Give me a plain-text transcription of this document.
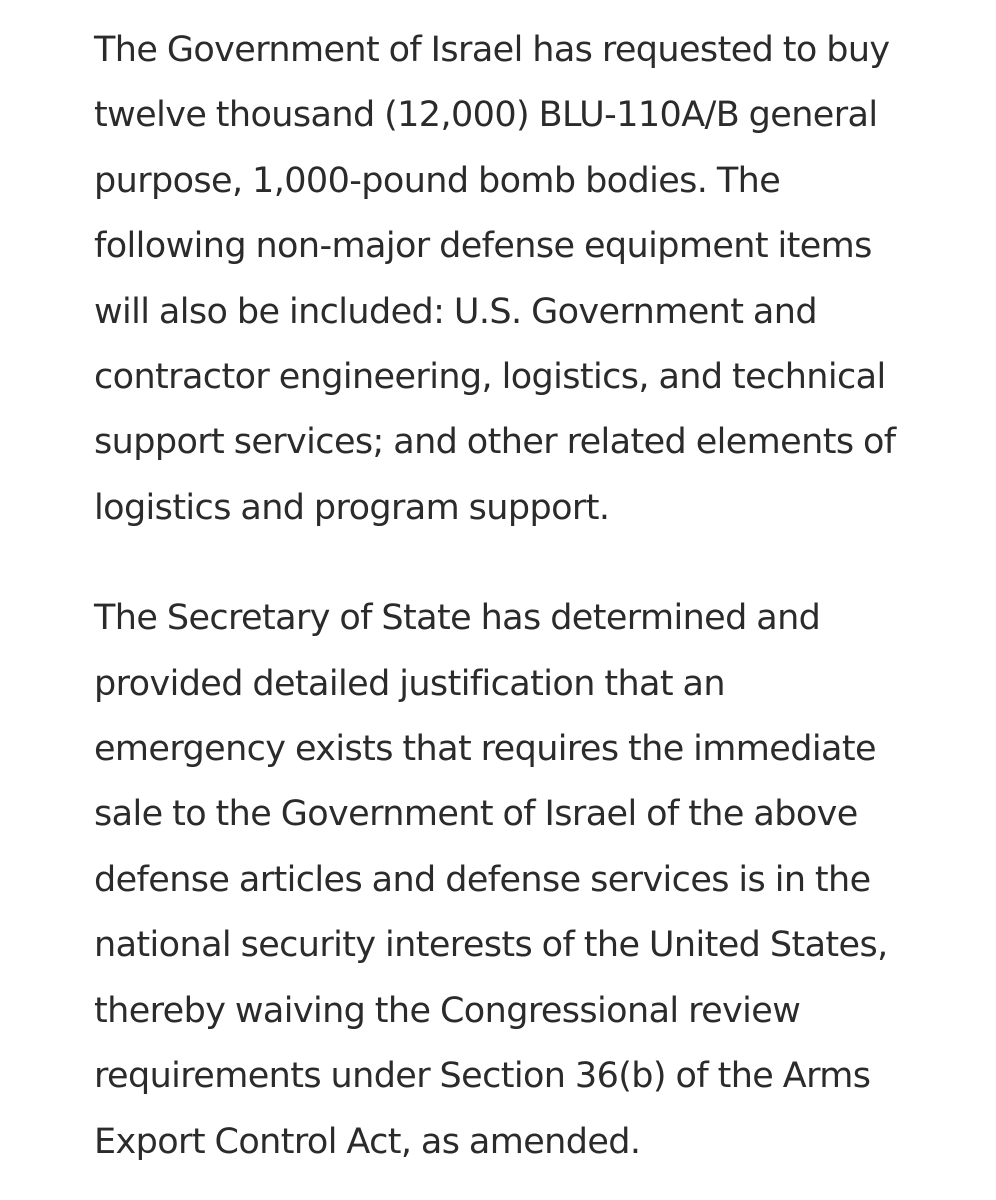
The Government of Israel has requested to buy
twelve thousand (12,000) BLU-110A/B general
purpose, 1,000-pound bomb bodies. The
following non-major defense equipment items
will also be included: U.S. Government and
contractor engineering, logistics, and technical
support services; and other related elements of
logistics and program support.

The Secretary of State has determined and
provided detailed justification that an
emergency exists that requires the immediate
sale to the Government of Israel of the above
defense articles and defense services is in the
national security interests of the United States,
thereby waiving the Congressional review
requirements under Section 36(b) of the Arms
Export Control Act, as amended.
